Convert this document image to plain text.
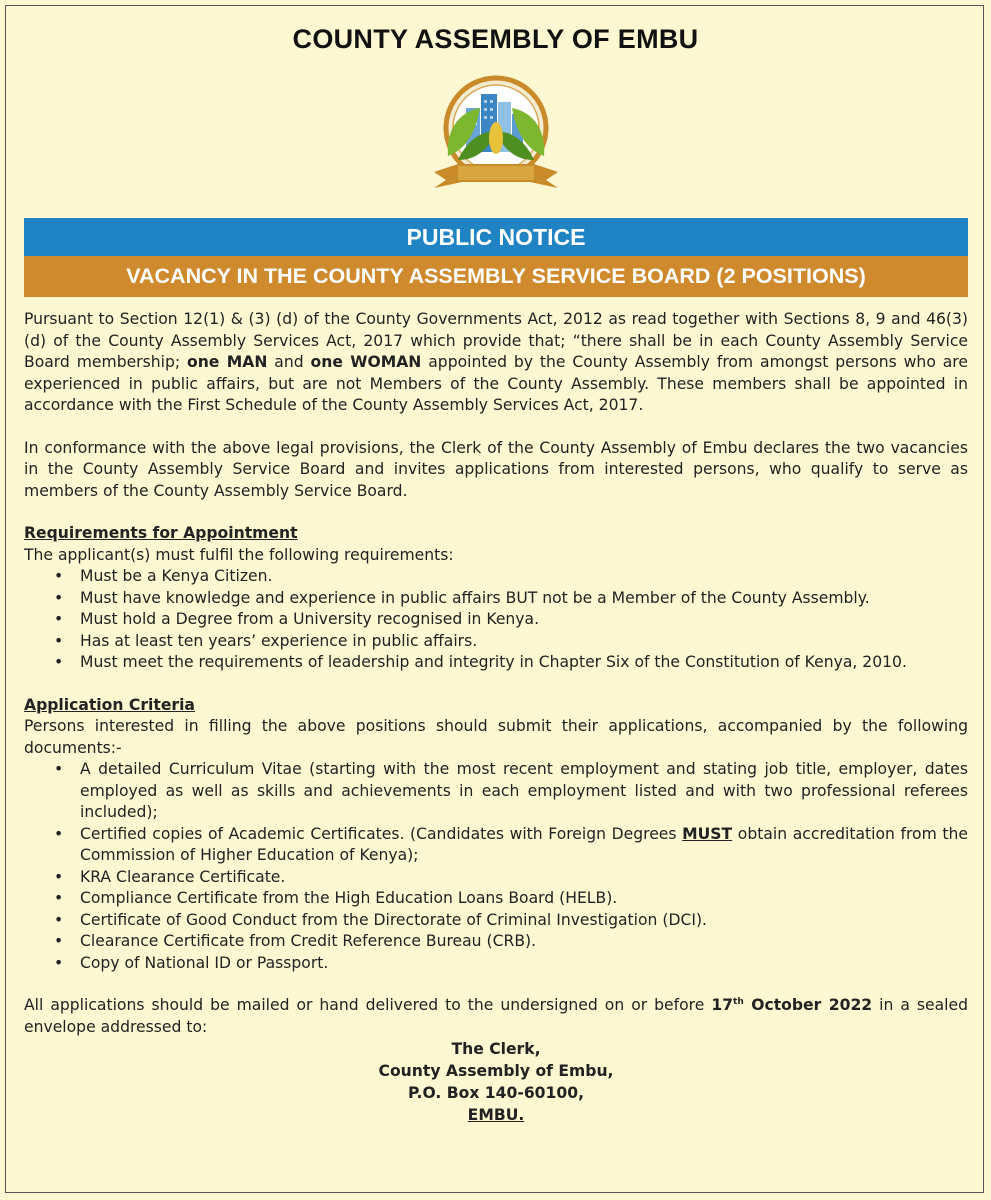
COUNTY ASSEMBLY OF EMBU
PUBLIC NOTICE
VACANCY IN THE COUNTY ASSEMBLY SERVICE BOARD (2 POSITIONS)

Pursuant to Section 12(1) & (3) (d) of the County Governments Act, 2012 as read together with Sections 8, 9 and 46(3) (d) of the County Assembly Services Act, 2017 which provide that; “there shall be in each County Assembly Service Board membership; one MAN and one WOMAN appointed by the County Assembly from amongst persons who are experienced in public affairs, but are not Members of the County Assembly. These members shall be appointed in accordance with the First Schedule of the County Assembly Services Act, 2017.

In conformance with the above legal provisions, the Clerk of the County Assembly of Embu declares the two vacancies in the County Assembly Service Board and invites applications from interested persons, who qualify to serve as members of the County Assembly Service Board.

Requirements for Appointment
The applicant(s) must fulfil the following requirements:
• Must be a Kenya Citizen.
• Must have knowledge and experience in public affairs BUT not be a Member of the County Assembly.
• Must hold a Degree from a University recognised in Kenya.
• Has at least ten years’ experience in public affairs.
• Must meet the requirements of leadership and integrity in Chapter Six of the Constitution of Kenya, 2010.
Application Criteria

Persons interested in filling the above positions should submit their applications, accompanied by the following documents:-

• A detailed Curriculum Vitae (starting with the most recent employment and stating job title, employer, dates employed as well as skills and achievements in each employment listed and with two professional referees included);
• Certified copies of Academic Certificates. (Candidates with Foreign Degrees MUST obtain accreditation from the Commission of Higher Education of Kenya);
• KRA Clearance Certificate.
• Compliance Certificate from the High Education Loans Board (HELB).
• Certificate of Good Conduct from the Directorate of Criminal Investigation (DCI).
• Clearance Certificate from Credit Reference Bureau (CRB).
• Copy of National ID or Passport.

All applications should be mailed or hand delivered to the undersigned on or before 17th October 2022 in a sealed envelope addressed to:

The Clerk,
County Assembly of Embu,
P.O. Box 140-60100,
EMBU.
